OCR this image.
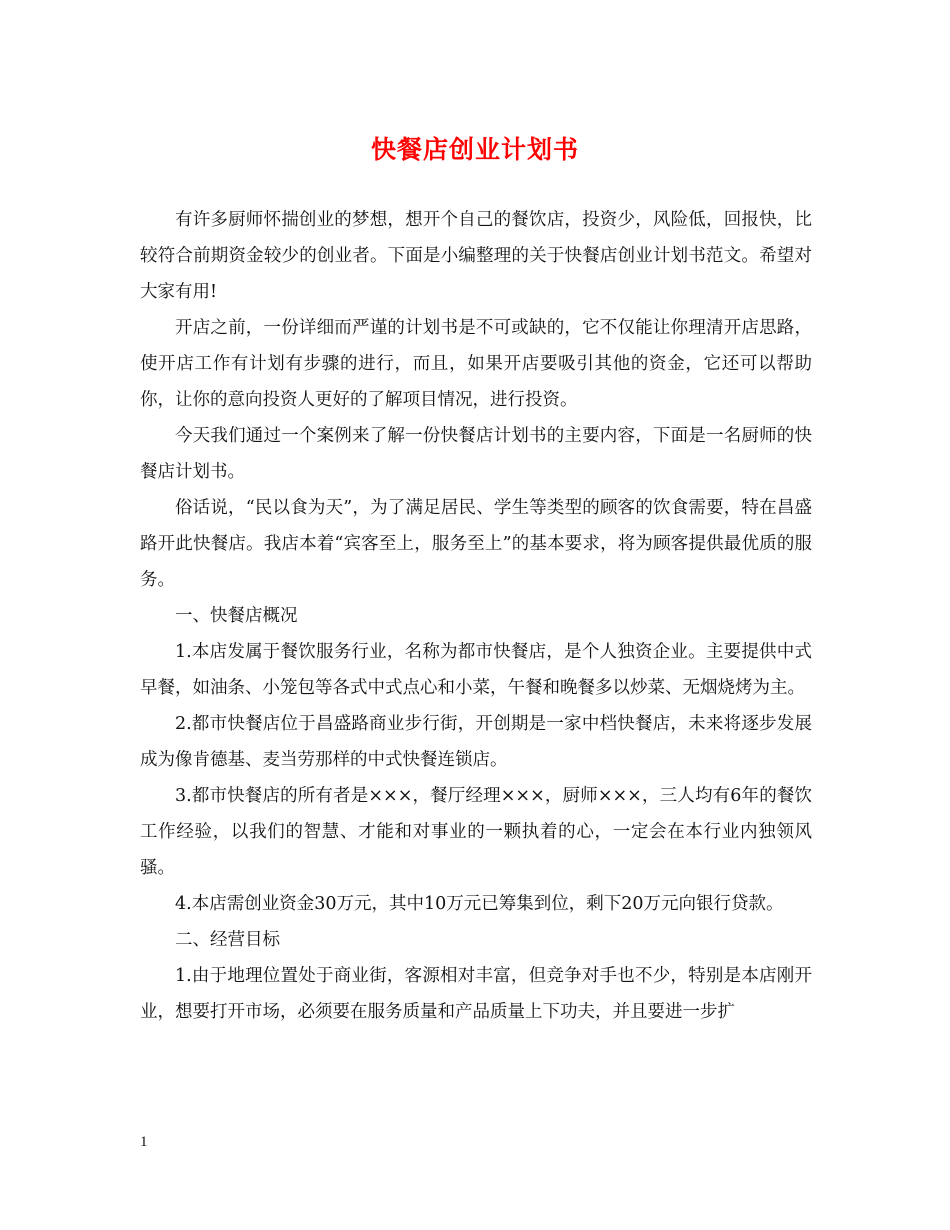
快餐店创业计划书

有许多厨师怀揣创业的梦想，想开个自己的餐饮店，投资少，风险低，回报快，比较符合前期资金较少的创业者。下面是小编整理的关于快餐店创业计划书范文。希望对大家有用!

开店之前，一份详细而严谨的计划书是不可或缺的，它不仅能让你理清开店思路，使开店工作有计划有步骤的进行，而且，如果开店要吸引其他的资金，它还可以帮助你，让你的意向投资人更好的了解项目情况，进行投资。

今天我们通过一个案例来了解一份快餐店计划书的主要内容，下面是一名厨师的快餐店计划书。

俗话说，“民以食为天”，为了满足居民、学生等类型的顾客的饮食需要，特在昌盛路开此快餐店。我店本着“宾客至上，服务至上”的基本要求，将为顾客提供最优质的服务。

一、快餐店概况

1.本店发属于餐饮服务行业，名称为都市快餐店，是个人独资企业。主要提供中式早餐，如油条、小笼包等各式中式点心和小菜，午餐和晚餐多以炒菜、无烟烧烤为主。

2.都市快餐店位于昌盛路商业步行街，开创期是一家中档快餐店，未来将逐步发展成为像肯德基、麦当劳那样的中式快餐连锁店。

3.都市快餐店的所有者是×××，餐厅经理×××，厨师×××，三人均有6年的餐饮工作经验，以我们的智慧、才能和对事业的一颗执着的心，一定会在本行业内独领风骚。

4.本店需创业资金30万元，其中10万元已筹集到位，剩下20万元向银行贷款。

二、经营目标

1.由于地理位置处于商业街，客源相对丰富，但竞争对手也不少，特别是本店刚开业，想要打开市场，必须要在服务质量和产品质量上下功夫，并且要进一步扩

1
